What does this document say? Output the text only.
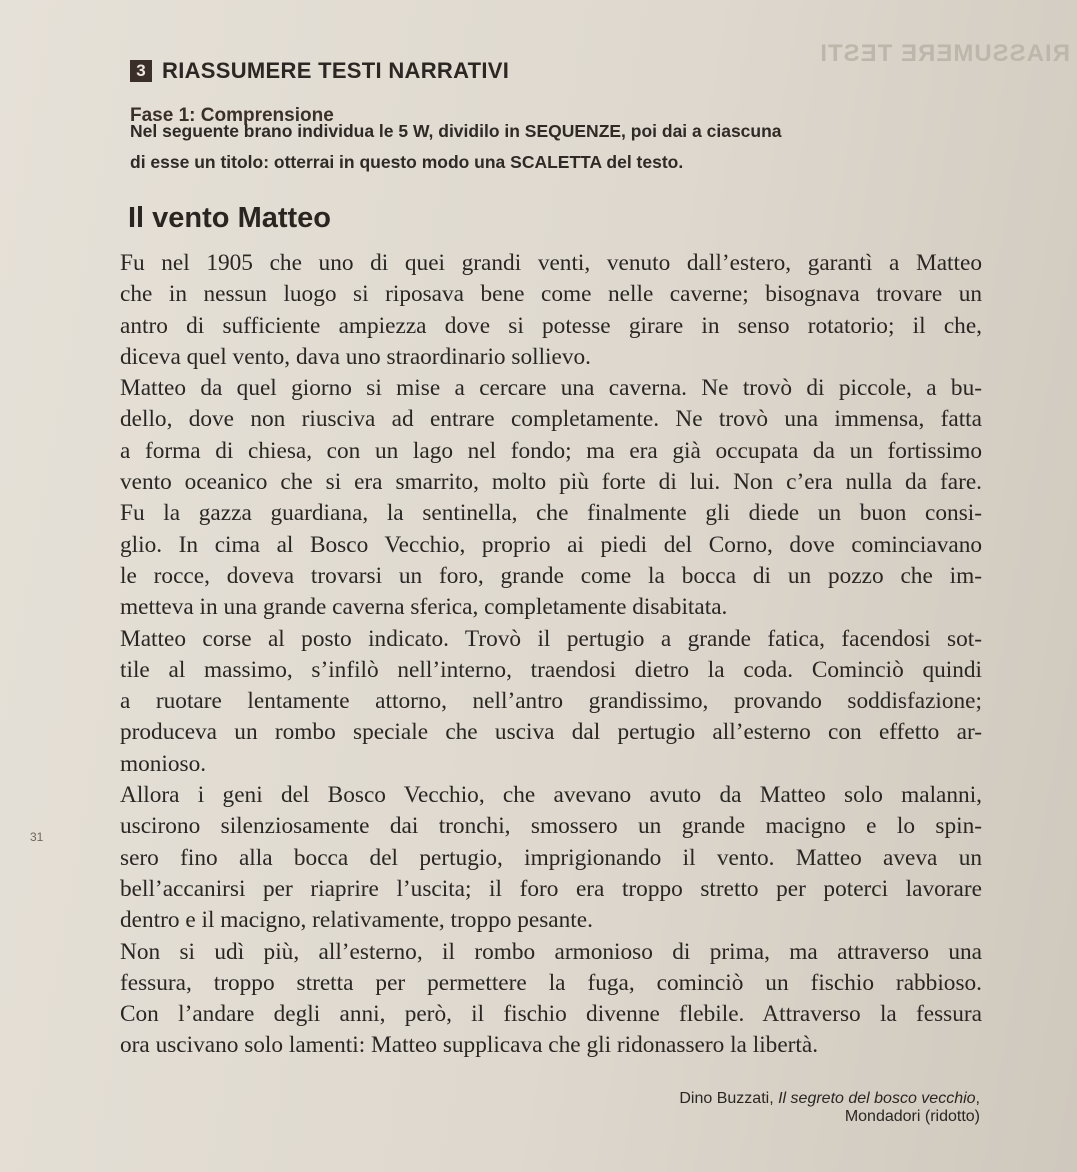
RIASSUMERE TESTI
3 RIASSUMERE TESTI NARRATIVI
Fase 1: Comprensione
Nel seguente brano individua le 5 W, dividilo in SEQUENZE, poi dai a ciascuna
di esse un titolo: otterrai in questo modo una SCALETTA del testo.
Il vento Matteo
Fu nel 1905 che uno di quei grandi venti, venuto dall’estero, garantì a Matteo
che in nessun luogo si riposava bene come nelle caverne; bisognava trovare un
antro di sufficiente ampiezza dove si potesse girare in senso rotatorio; il che,
diceva quel vento, dava uno straordinario sollievo.
Matteo da quel giorno si mise a cercare una caverna. Ne trovò di piccole, a bu-
dello, dove non riusciva ad entrare completamente. Ne trovò una immensa, fatta
a forma di chiesa, con un lago nel fondo; ma era già occupata da un fortissimo
vento oceanico che si era smarrito, molto più forte di lui. Non c’era nulla da fare.
Fu la gazza guardiana, la sentinella, che finalmente gli diede un buon consi-
glio. In cima al Bosco Vecchio, proprio ai piedi del Corno, dove cominciavano
le rocce, doveva trovarsi un foro, grande come la bocca di un pozzo che im-
metteva in una grande caverna sferica, completamente disabitata.
Matteo corse al posto indicato. Trovò il pertugio a grande fatica, facendosi sot-
tile al massimo, s’infilò nell’interno, traendosi dietro la coda. Cominciò quindi
a ruotare lentamente attorno, nell’antro grandissimo, provando soddisfazione;
produceva un rombo speciale che usciva dal pertugio all’esterno con effetto ar-
monioso.
Allora i geni del Bosco Vecchio, che avevano avuto da Matteo solo malanni,
uscirono silenziosamente dai tronchi, smossero un grande macigno e lo spin-
sero fino alla bocca del pertugio, imprigionando il vento. Matteo aveva un
bell’accanirsi per riaprire l’uscita; il foro era troppo stretto per poterci lavorare
dentro e il macigno, relativamente, troppo pesante.
Non si udì più, all’esterno, il rombo armonioso di prima, ma attraverso una
fessura, troppo stretta per permettere la fuga, cominciò un fischio rabbioso.
Con l’andare degli anni, però, il fischio divenne flebile. Attraverso la fessura
ora uscivano solo lamenti: Matteo supplicava che gli ridonassero la libertà.
31
Dino Buzzati, Il segreto del bosco vecchio, Mondadori (ridotto)
